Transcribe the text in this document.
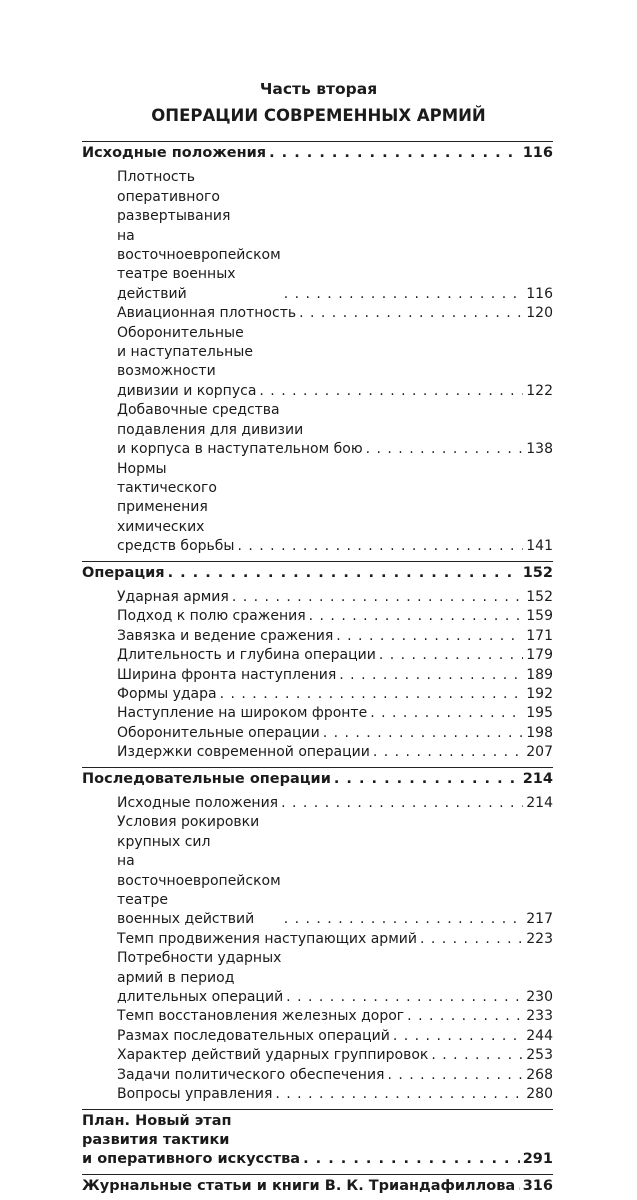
Часть вторая
ОПЕРАЦИИ СОВРЕМЕННЫХ АРМИЙ
Исходные положения . . .	116
Плотность оперативного развертывания
на восточноевропейском театре военных
действий . . .	116
Авиационная плотность . . .	120
Оборонительные и наступательные возможности
дивизии и корпуса . . .	122
Добавочные средства подавления для дивизии
и корпуса в наступательном бою . . .	138
Нормы тактического применения химических
средств борьбы . . .	141
Операция . . .	152
Ударная армия . . .	152
Подход к полю сражения . . .	159
Завязка и ведение сражения . . .	171
Длительность и глубина операции . . .	179
Ширина фронта наступления . . .	189
Формы удара . . .	192
Наступление на широком фронте . . .	195
Оборонительные операции . . .	198
Издержки современной операции . . .	207
Последовательные операции . . .	214
Исходные положения . . .	214
Условия рокировки крупных сил
на восточноевропейском театре
военных действий . . .	217
Темп продвижения наступающих армий . . .	223
Потребности ударных армий в период
длительных операций . . .	230
Темп восстановления железных дорог . . .	233
Размах последовательных операций . . .	244
Характер действий ударных группировок . . .	253
Задачи политического обеспечения . . .	268
Вопросы управления . . .	280
План. Новый этап развития тактики
и оперативного искусства . . .	291
Журнальные статьи и книги В. К. Триандафиллова . . . 316
